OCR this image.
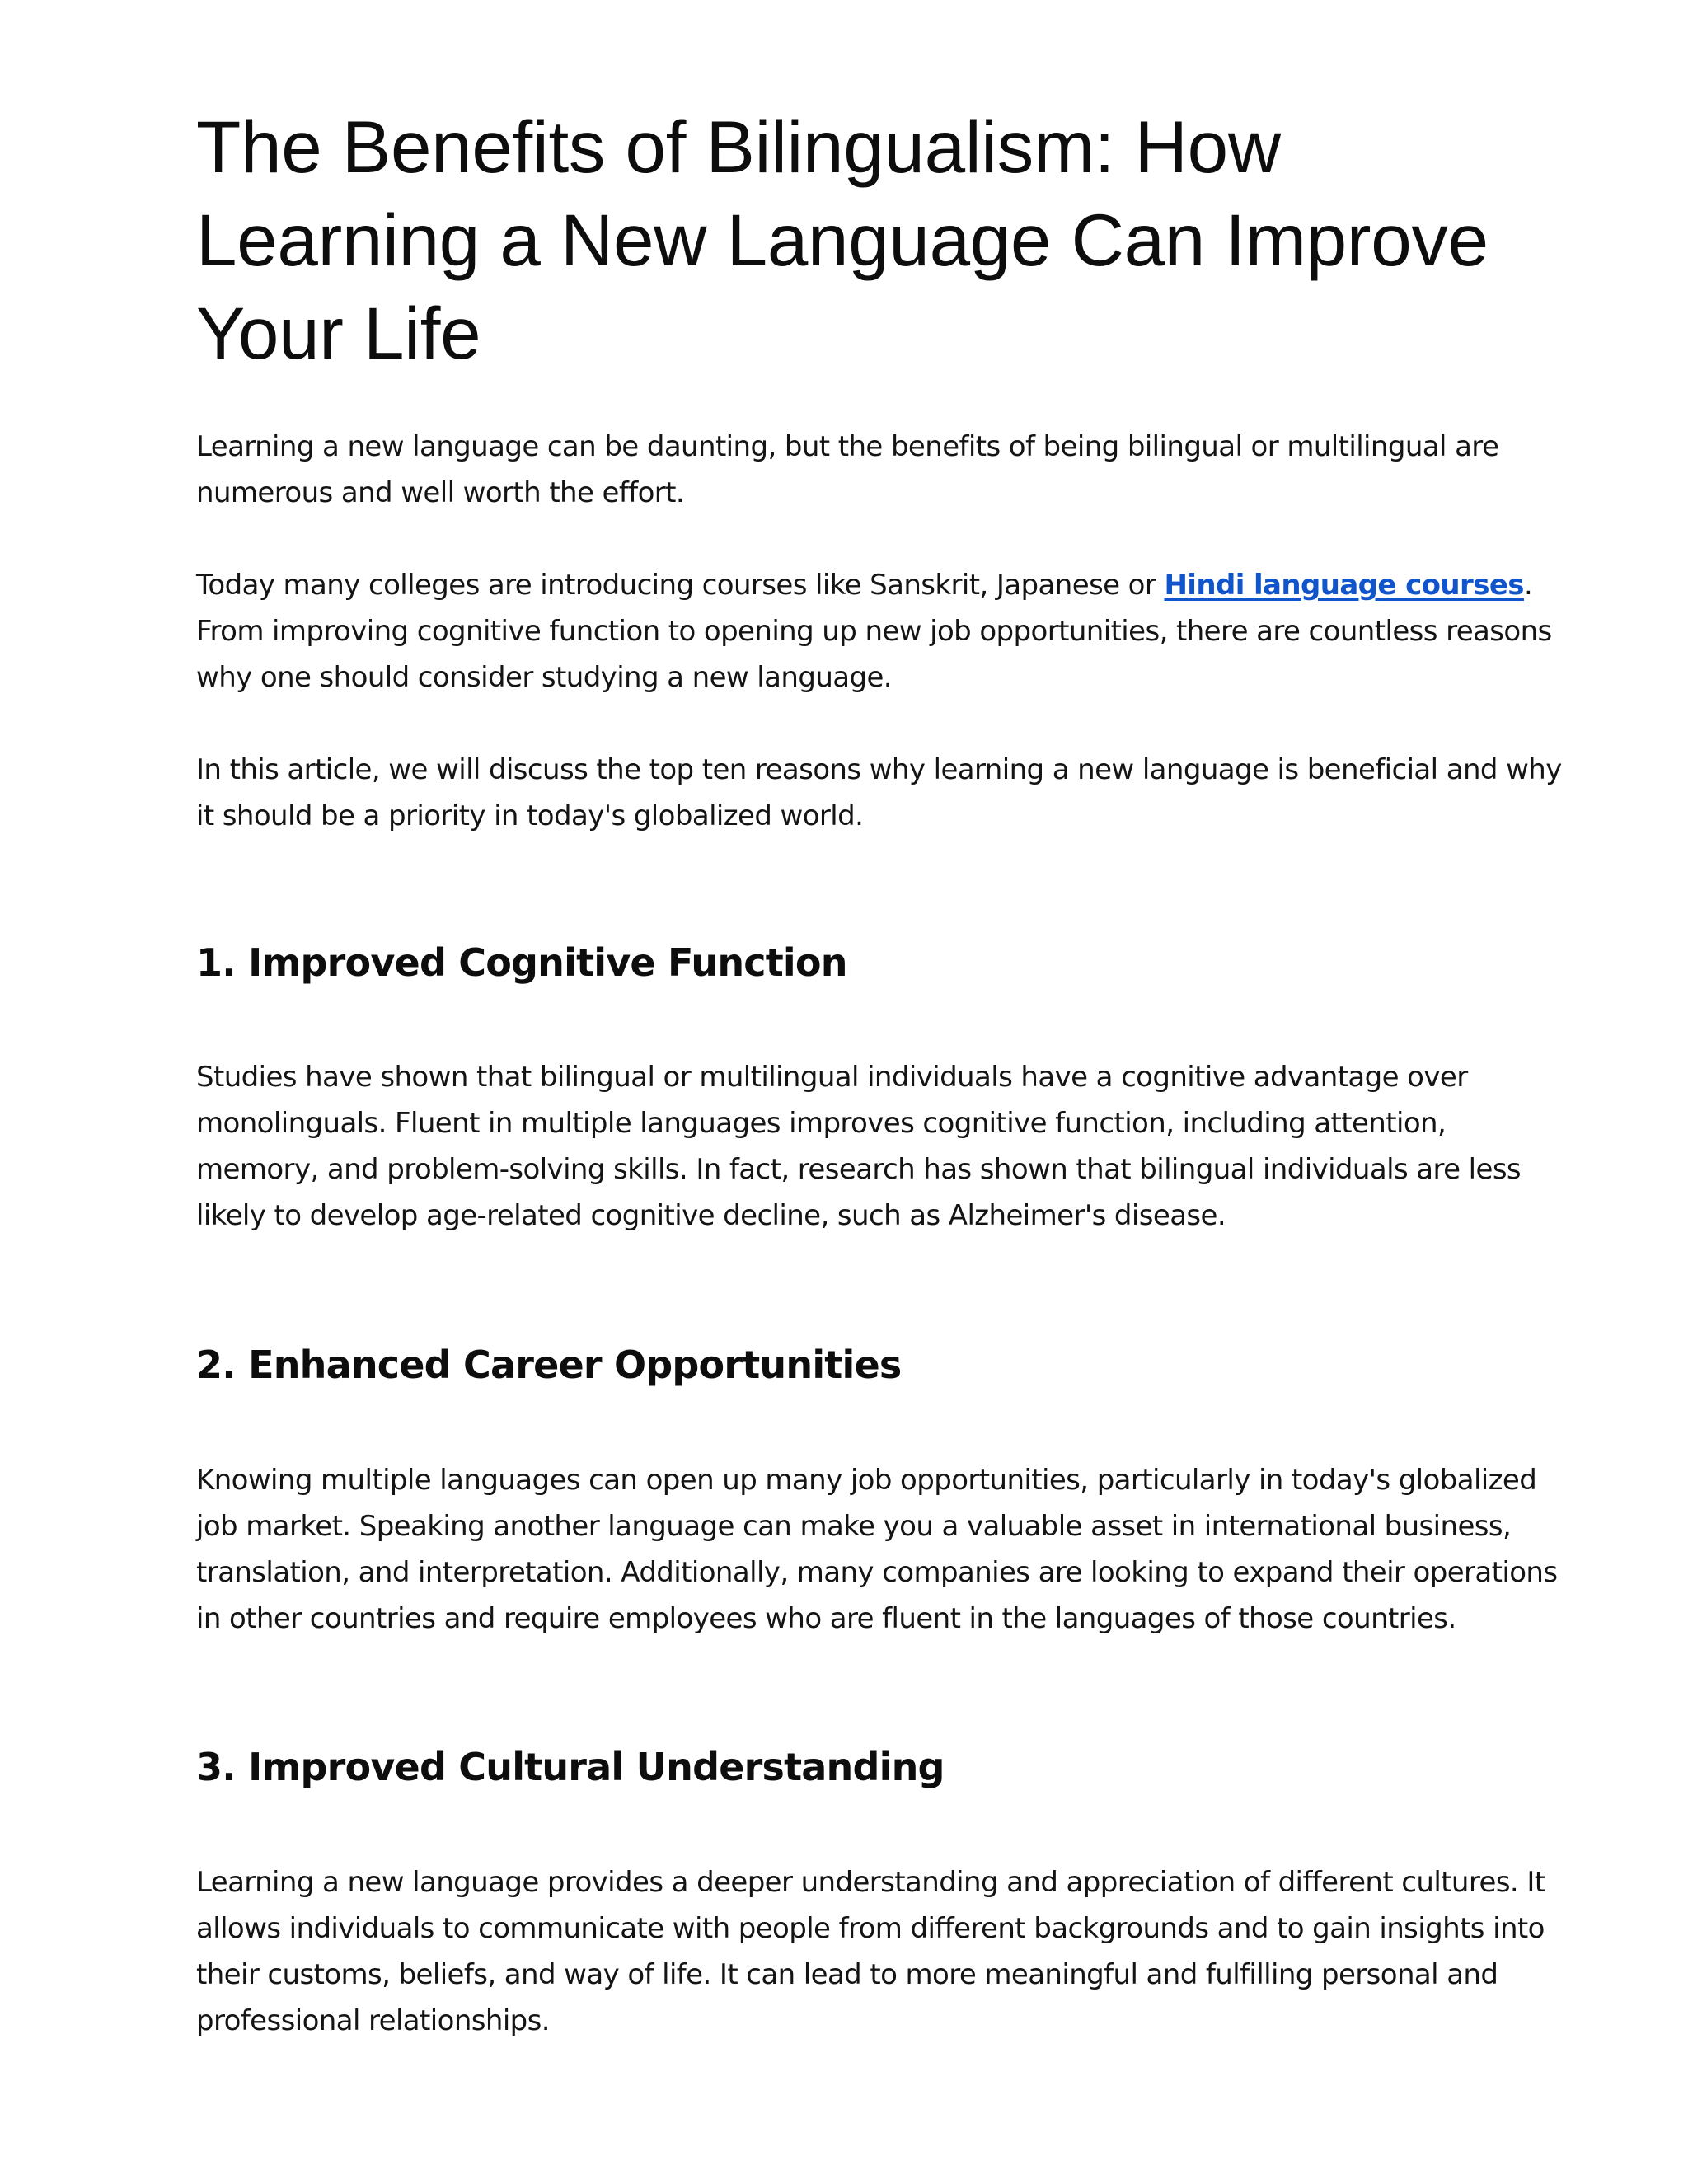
The Benefits of Bilingualism: How Learning a New Language Can Improve Your Life

Learning a new language can be daunting, but the benefits of being bilingual or multilingual are numerous and well worth the effort.

Today many colleges are introducing courses like Sanskrit, Japanese or Hindi language courses. From improving cognitive function to opening up new job opportunities, there are countless reasons why one should consider studying a new language.

In this article, we will discuss the top ten reasons why learning a new language is beneficial and why it should be a priority in today's globalized world.

1. Improved Cognitive Function

Studies have shown that bilingual or multilingual individuals have a cognitive advantage over monolinguals. Fluent in multiple languages improves cognitive function, including attention, memory, and problem-solving skills. In fact, research has shown that bilingual individuals are less likely to develop age-related cognitive decline, such as Alzheimer's disease.

2. Enhanced Career Opportunities

Knowing multiple languages can open up many job opportunities, particularly in today's globalized job market. Speaking another language can make you a valuable asset in international business, translation, and interpretation. Additionally, many companies are looking to expand their operations in other countries and require employees who are fluent in the languages of those countries.

3. Improved Cultural Understanding

Learning a new language provides a deeper understanding and appreciation of different cultures. It allows individuals to communicate with people from different backgrounds and to gain insights into their customs, beliefs, and way of life. It can lead to more meaningful and fulfilling personal and professional relationships.
